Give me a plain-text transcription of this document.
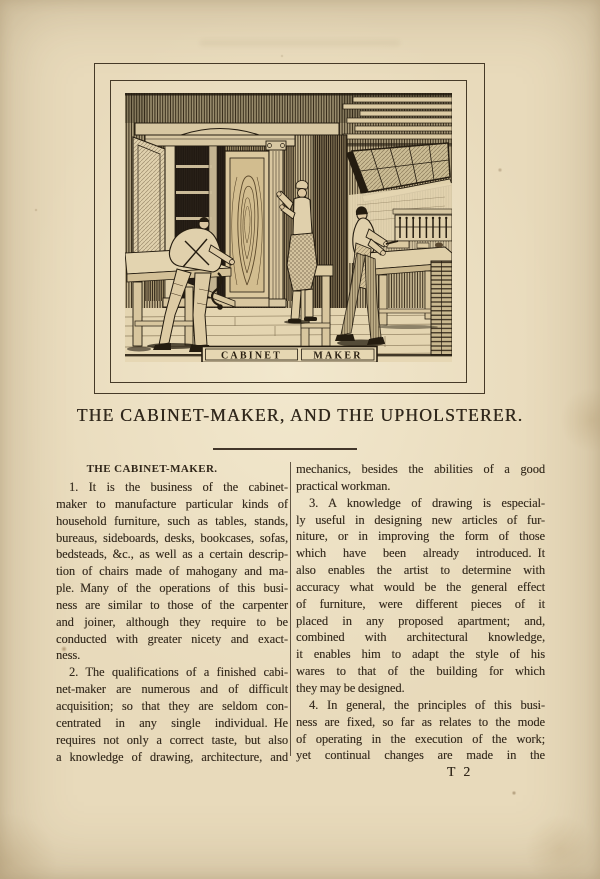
CABINET	MAKER
THE CABINET-MAKER, AND THE UPHOLSTERER.
THE CABINET-MAKER.
1. It is the business of the cabinet-
maker to manufacture particular kinds of
household furniture, such as tables, stands,
bureaus, sideboards, desks, bookcases, sofas,
bedsteads, &c., as well as a certain descrip-
tion of chairs made of mahogany and ma-
ple. Many of the operations of this busi-
ness are similar to those of the carpenter
and joiner, although they require to be
conducted with greater nicety and exact-
ness.
2. The qualifications of a finished cabi-
net-maker are numerous and of difficult
acquisition; so that they are seldom con-
centrated in any single individual. He
requires not only a correct taste, but also
a knowledge of drawing, architecture, and
mechanics, besides the abilities of a good
practical workman.
3. A knowledge of drawing is especial-
ly useful in designing new articles of fur-
niture, or in improving the form of those
which have been already introduced. It
also enables the artist to determine with
accuracy what would be the general effect
of furniture, were different pieces of it
placed in any proposed apartment; and,
combined with architectural knowledge,
it enables him to adapt the style of his
wares to that of the building for which
they may be designed.
4. In general, the principles of this busi-
ness are fixed, so far as relates to the mode
of operating in the execution of the work;
yet continual changes are made in the
T 2
